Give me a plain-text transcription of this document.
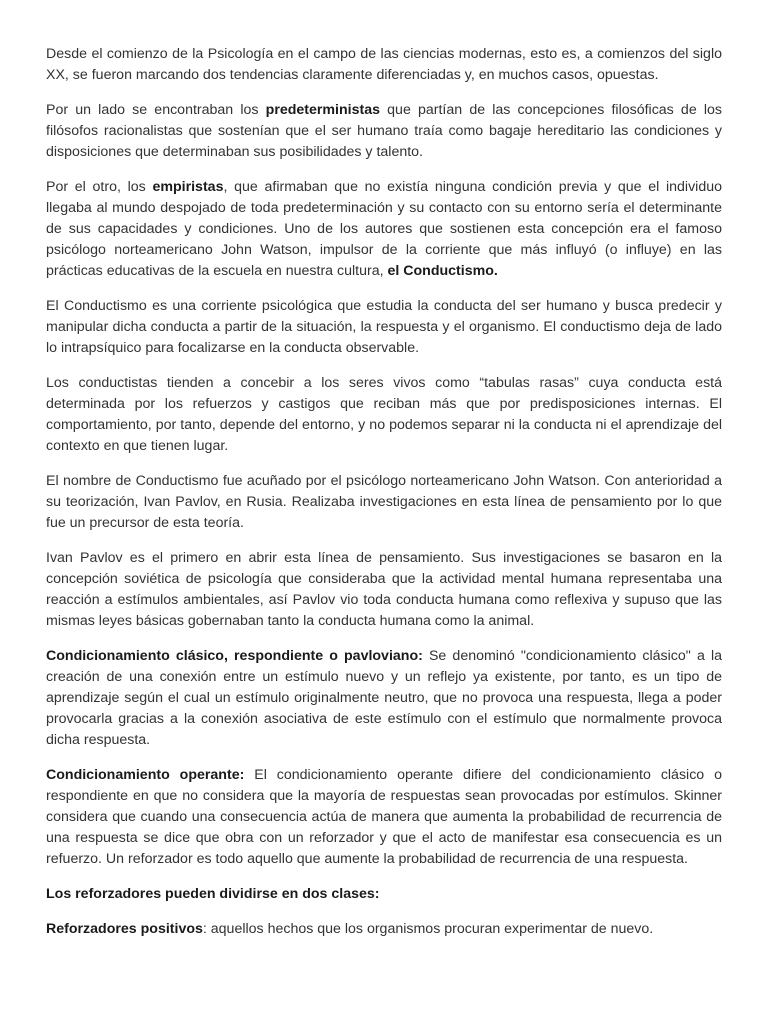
Desde el comienzo de la Psicología en el campo de las ciencias modernas, esto es, a comienzos del siglo XX, se fueron marcando dos tendencias claramente diferenciadas y, en muchos casos, opuestas.

Por un lado se encontraban los predeterministas que partían de las concepciones filosóficas de los filósofos racionalistas que sostenían que el ser humano traía como bagaje hereditario las condiciones y disposiciones que determinaban sus posibilidades y talento.

Por el otro, los empiristas, que afirmaban que no existía ninguna condición previa y que el individuo llegaba al mundo despojado de toda predeterminación y su contacto con su entorno sería el determinante de sus capacidades y condiciones. Uno de los autores que sostienen esta concepción era el famoso psicólogo norteamericano John Watson, impulsor de la corriente que más influyó (o influye) en las prácticas educativas de la escuela en nuestra cultura, el Conductismo.

El Conductismo es una corriente psicológica que estudia la conducta del ser humano y busca predecir y manipular dicha conducta a partir de la situación, la respuesta y el organismo. El conductismo deja de lado lo intrapsíquico para focalizarse en la conducta observable.

Los conductistas tienden a concebir a los seres vivos como “tabulas rasas” cuya conducta está determinada por los refuerzos y castigos que reciban más que por predisposiciones internas. El comportamiento, por tanto, depende del entorno, y no podemos separar ni la conducta ni el aprendizaje del contexto en que tienen lugar.

El nombre de Conductismo fue acuñado por el psicólogo norteamericano John Watson. Con anterioridad a su teorización, Ivan Pavlov, en Rusia. Realizaba investigaciones en esta línea de pensamiento por lo que fue un precursor de esta teoría.

Ivan Pavlov es el primero en abrir esta línea de pensamiento. Sus investigaciones se basaron en la concepción soviética de psicología que consideraba que la actividad mental humana representaba una reacción a estímulos ambientales, así Pavlov vio toda conducta humana como reflexiva y supuso que las mismas leyes básicas gobernaban tanto la conducta humana como la animal.

Condicionamiento clásico, respondiente o pavloviano: Se denominó "condicionamiento clásico" a la creación de una conexión entre un estímulo nuevo y un reflejo ya existente, por tanto, es un tipo de aprendizaje según el cual un estímulo originalmente neutro, que no provoca una respuesta, llega a poder provocarla gracias a la conexión asociativa de este estímulo con el estímulo que normalmente provoca dicha respuesta.

Condicionamiento operante: El condicionamiento operante difiere del condicionamiento clásico o respondiente en que no considera que la mayoría de respuestas sean provocadas por estímulos. Skinner considera que cuando una consecuencia actúa de manera que aumenta la probabilidad de recurrencia de una respuesta se dice que obra con un reforzador y que el acto de manifestar esa consecuencia es un refuerzo. Un reforzador es todo aquello que aumente la probabilidad de recurrencia de una respuesta.

Los reforzadores pueden dividirse en dos clases:

Reforzadores positivos: aquellos hechos que los organismos procuran experimentar de nuevo.
